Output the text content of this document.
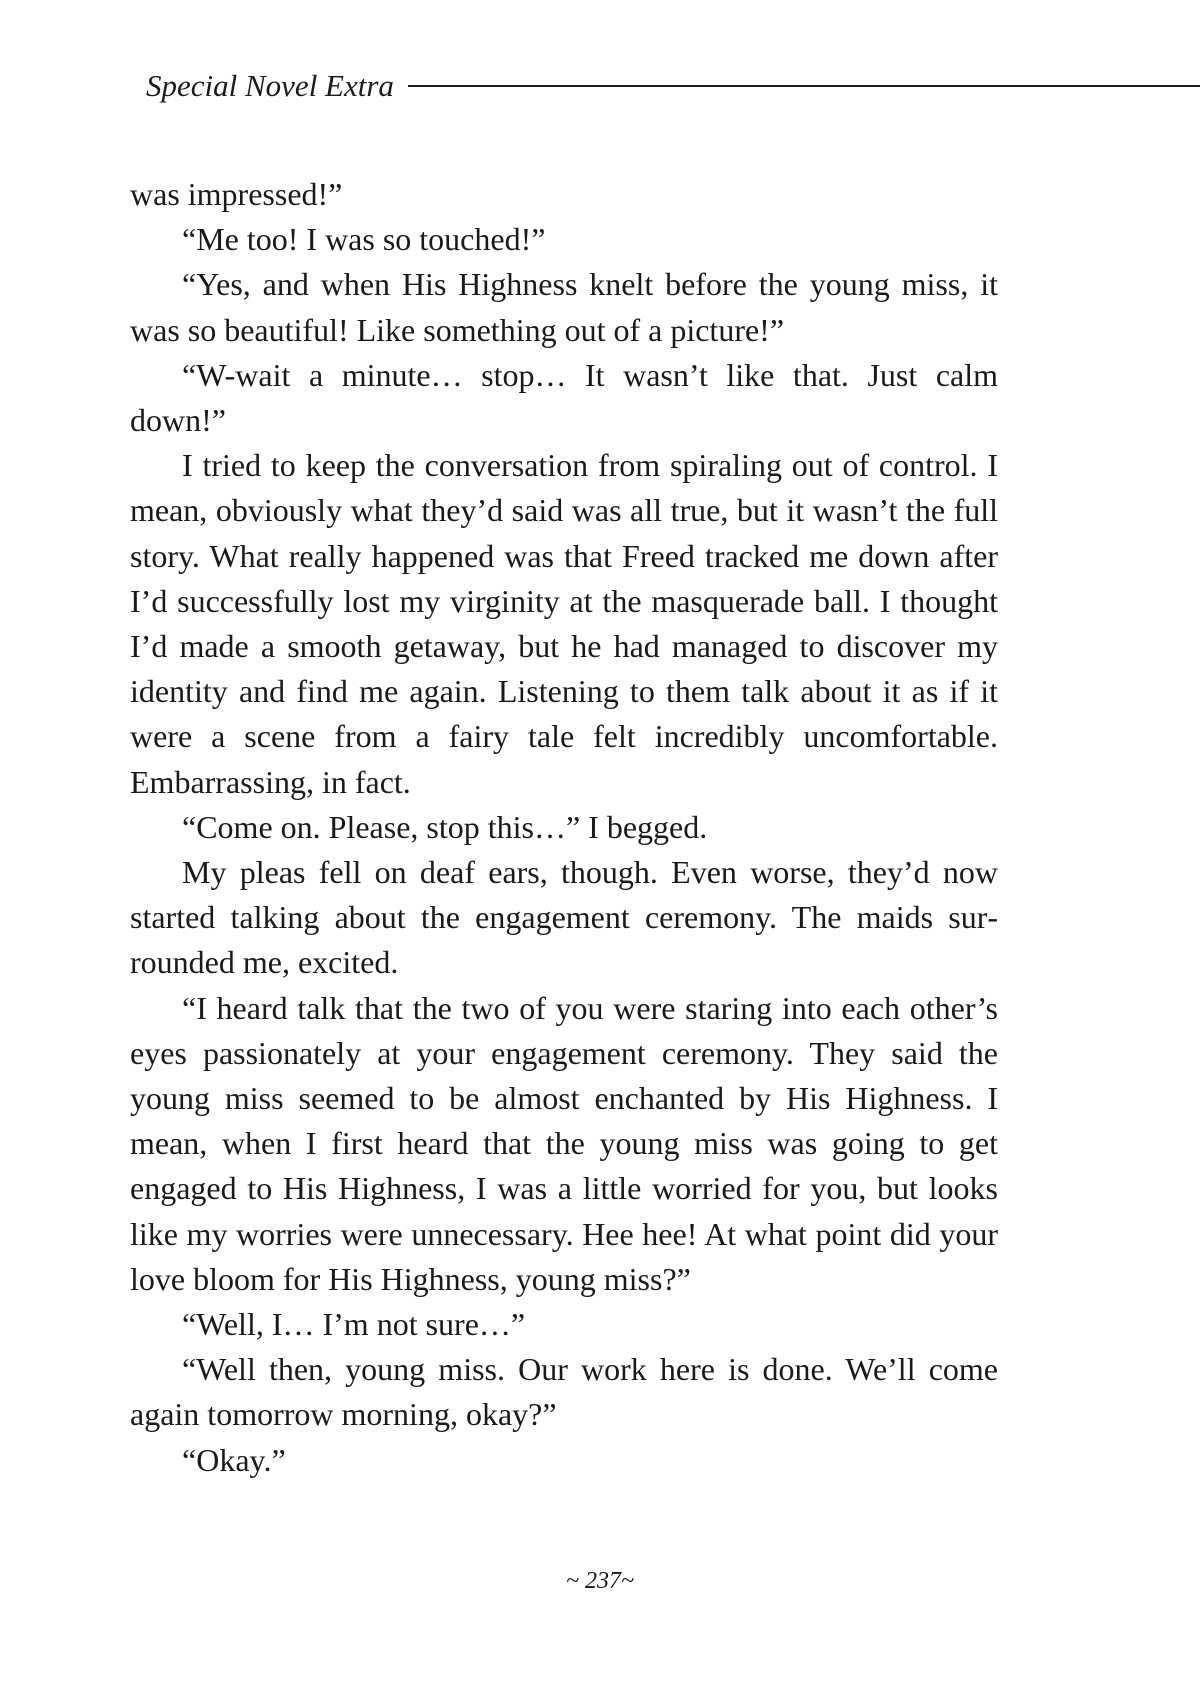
Special Novel Extra

was impressed!”

“Me too! I was so touched!”

“Yes, and when His Highness knelt before the young miss, it was so beautiful! Like something out of a picture!”

“W-wait a minute… stop… It wasn’t like that. Just calm down!”

I tried to keep the conversation from spiraling out of control. I mean, obviously what they’d said was all true, but it wasn’t the full story. What really happened was that Freed tracked me down after I’d successfully lost my virginity at the masquerade ball. I thought I’d made a smooth getaway, but he had managed to discover my identity and find me again. Listening to them talk about it as if it were a scene from a fairy tale felt incredibly uncomfortable. Embarrassing, in fact.

“Come on. Please, stop this…” I begged.

My pleas fell on deaf ears, though. Even worse, they’d now started talking about the engagement ceremony. The maids surrounded me, excited.

“I heard talk that the two of you were staring into each other’s eyes passionately at your engagement ceremony. They said the young miss seemed to be almost enchanted by His Highness. I mean, when I first heard that the young miss was going to get engaged to His Highness, I was a little worried for you, but looks like my worries were unnecessary. Hee hee! At what point did your love bloom for His Highness, young miss?”

“Well, I… I’m not sure…”

“Well then, young miss. Our work here is done. We’ll come again tomorrow morning, okay?”

“Okay.”

~ 237~
